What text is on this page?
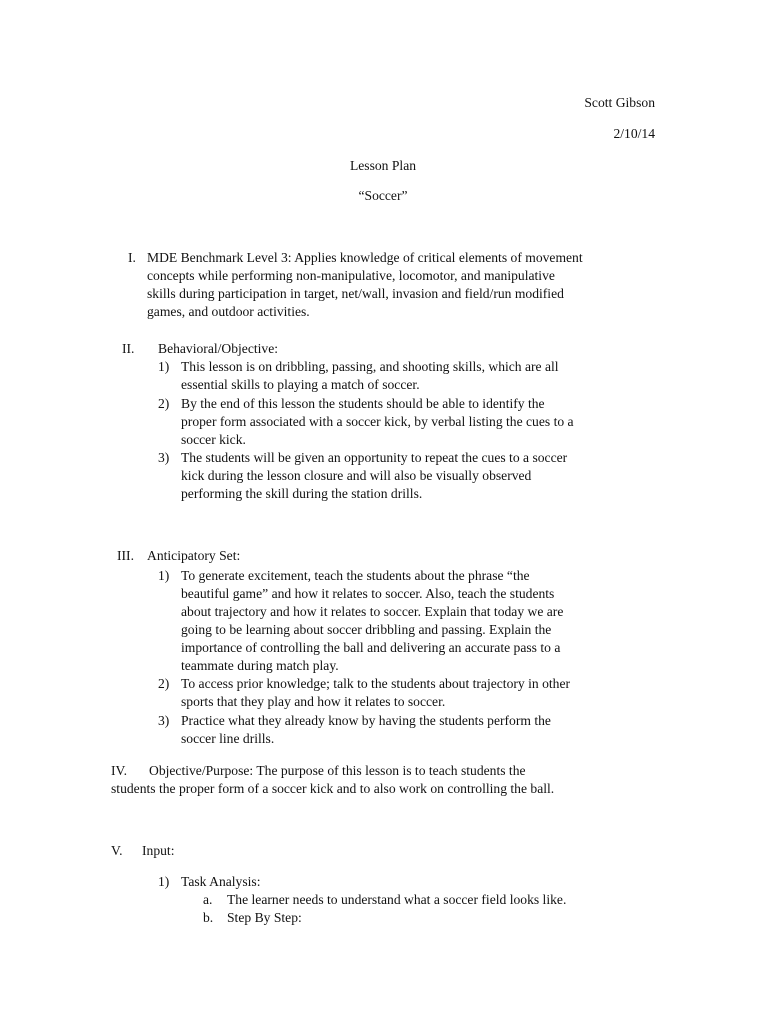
Scott Gibson
2/10/14
Lesson Plan
“Soccer”
I. MDE Benchmark Level 3: Applies knowledge of critical elements of movement
concepts while performing non-manipulative, locomotor, and manipulative
skills during participation in target, net/wall, invasion and field/run modified
games, and outdoor activities.
II. Behavioral/Objective:
1) This lesson is on dribbling, passing, and shooting skills, which are all
essential skills to playing a match of soccer.
2) By the end of this lesson the students should be able to identify the
proper form associated with a soccer kick, by verbal listing the cues to a
soccer kick.
3) The students will be given an opportunity to repeat the cues to a soccer
kick during the lesson closure and will also be visually observed
performing the skill during the station drills.
III. Anticipatory Set:
1) To generate excitement, teach the students about the phrase “the
beautiful game” and how it relates to soccer. Also, teach the students
about trajectory and how it relates to soccer. Explain that today we are
going to be learning about soccer dribbling and passing. Explain the
importance of controlling the ball and delivering an accurate pass to a
teammate during match play.
2) To access prior knowledge; talk to the students about trajectory in other
sports that they play and how it relates to soccer.
3) Practice what they already know by having the students perform the
soccer line drills.
IV. Objective/Purpose: The purpose of this lesson is to teach students the
students the proper form of a soccer kick and to also work on controlling the ball.
V. Input:
1) Task Analysis:
a. The learner needs to understand what a soccer field looks like.
b. Step By Step:
